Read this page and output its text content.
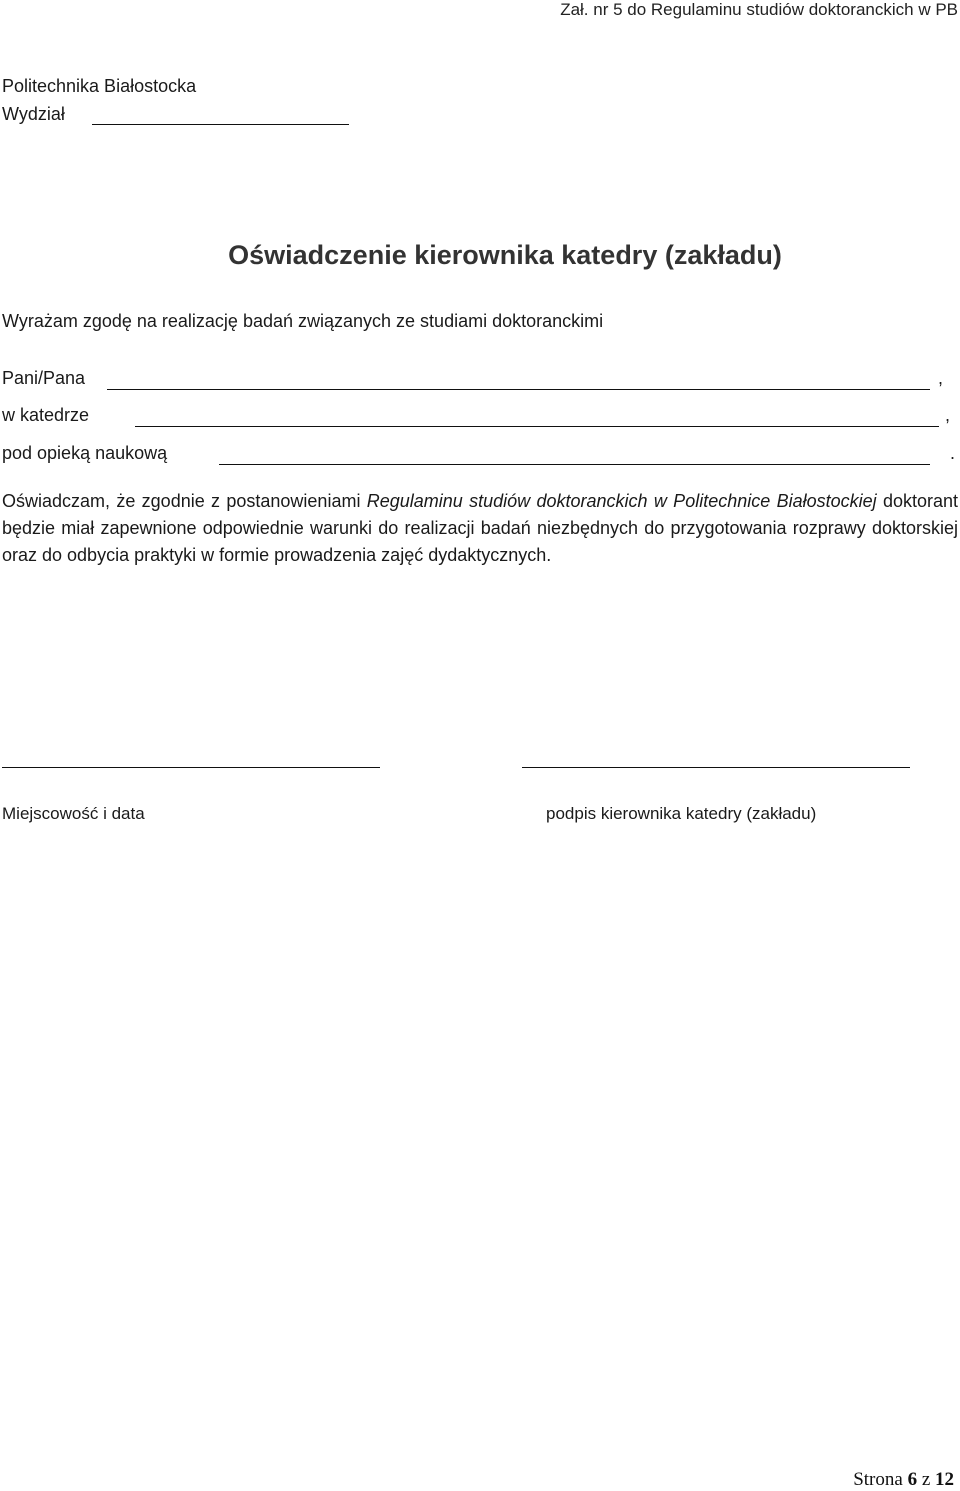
Zał. nr 5 do Regulaminu studiów doktoranckich w PB
Politechnika Białostocka
Wydział
Oświadczenie kierownika katedry (zakładu)
Wyrażam zgodę na realizację badań związanych ze studiami doktoranckimi
Pani/Pana	,
w katedrze	,
pod opieką naukową	.
Oświadczam, że zgodnie z postanowieniami Regulaminu studiów doktoranckich w Politechnice Białostockiej doktorant będzie miał zapewnione odpowiednie warunki do realizacji badań niezbędnych do przygotowania rozprawy doktorskiej oraz do odbycia praktyki w formie prowadzenia zajęć dydaktycznych.
Miejscowość i data	podpis kierownika katedry (zakładu)
Strona 6 z 12
